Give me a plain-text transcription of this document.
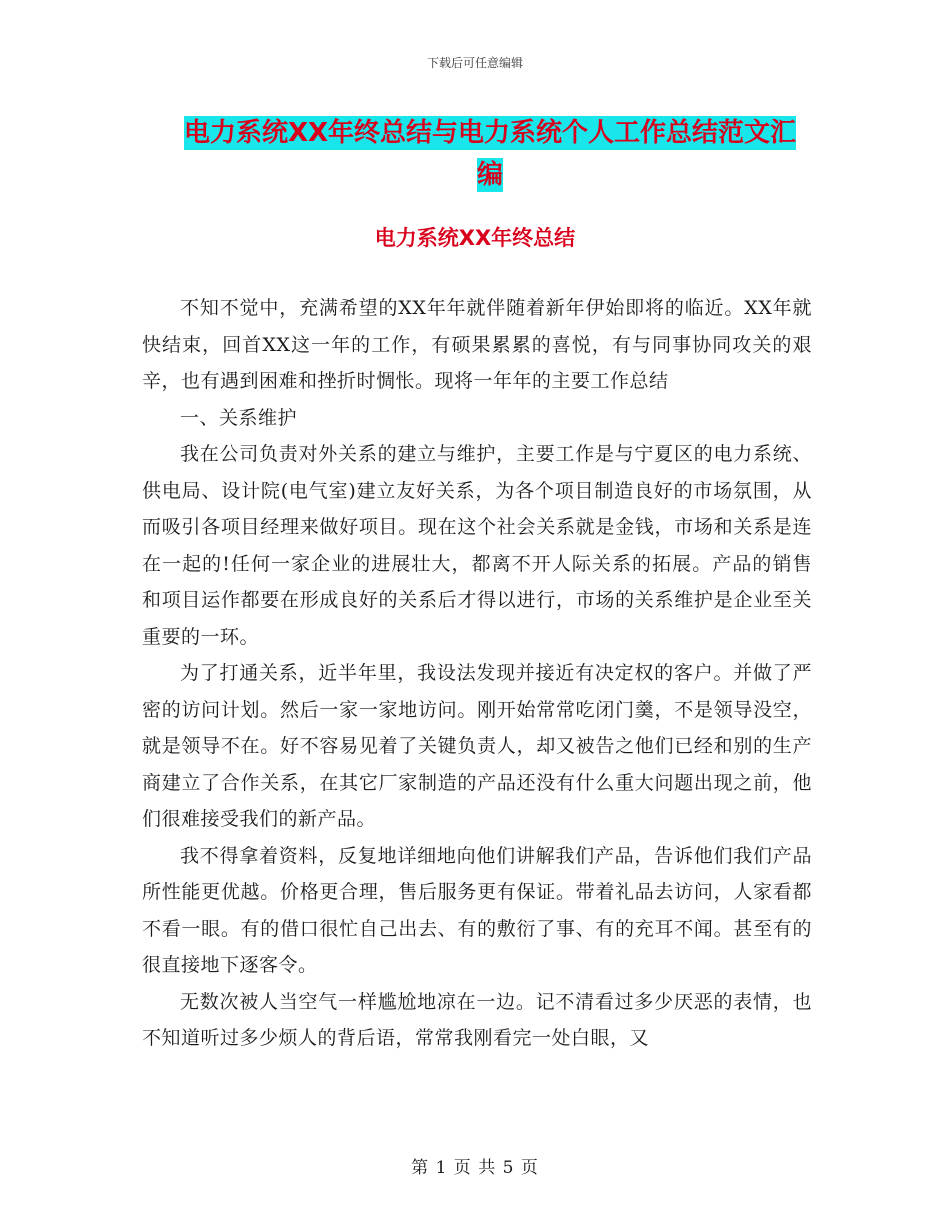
下载后可任意编辑
电力系统XX年终总结与电力系统个人工作总结范文汇
编
电力系统XX年终总结

不知不觉中，充满希望的XX年年就伴随着新年伊始即将的临近。XX年就快结束，回首XX这一年的工作，有硕果累累的喜悦，有与同事协同攻关的艰辛，也有遇到困难和挫折时惆怅。现将一年年的主要工作总结

一、关系维护

我在公司负责对外关系的建立与维护，主要工作是与宁夏区的电力系统、供电局、设计院(电气室)建立友好关系，为各个项目制造良好的市场氛围，从而吸引各项目经理来做好项目。现在这个社会关系就是金钱，市场和关系是连在一起的!任何一家企业的进展壮大，都离不开人际关系的拓展。产品的销售和项目运作都要在形成良好的关系后才得以进行，市场的关系维护是企业至关重要的一环。

为了打通关系，近半年里，我设法发现并接近有决定权的客户。并做了严密的访问计划。然后一家一家地访问。刚开始常常吃闭门羹，不是领导没空，就是领导不在。好不容易见着了关键负责人，却又被告之他们已经和别的生产商建立了合作关系，在其它厂家制造的产品还没有什么重大问题出现之前，他们很难接受我们的新产品。

我不得拿着资料，反复地详细地向他们讲解我们产品，告诉他们我们产品所性能更优越。价格更合理，售后服务更有保证。带着礼品去访问，人家看都不看一眼。有的借口很忙自己出去、有的敷衍了事、有的充耳不闻。甚至有的很直接地下逐客令。

无数次被人当空气一样尴尬地凉在一边。记不清看过多少厌恶的表情，也不知道听过多少烦人的背后语，常常我刚看完一处白眼，又

第 1 页 共 5 页
